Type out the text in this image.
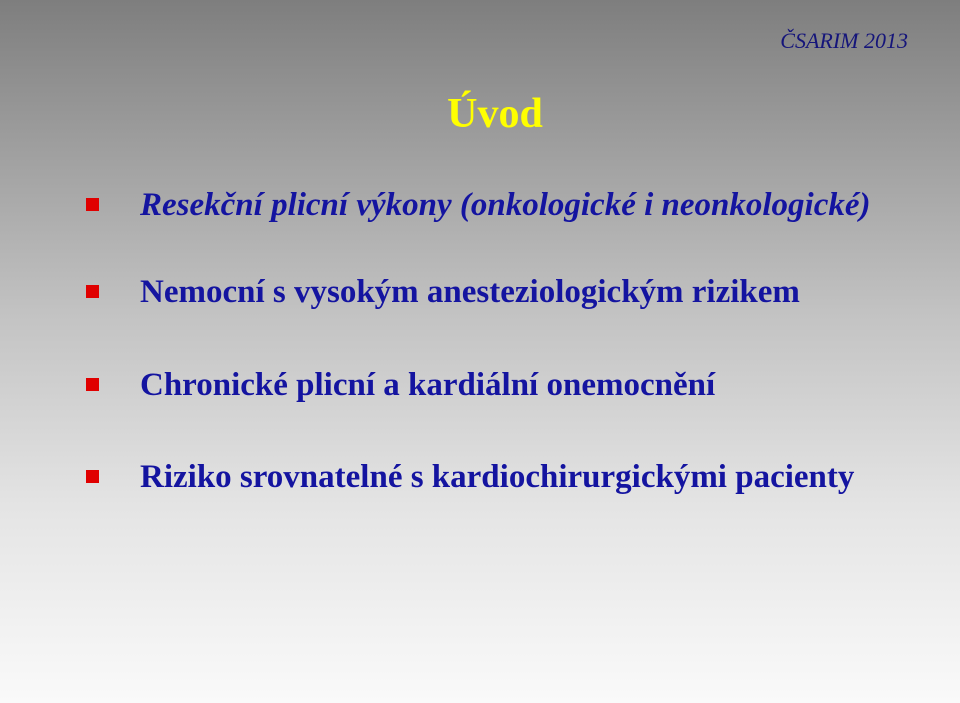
ČSARIM 2013
Úvod
Resekční plicní výkony (onkologické i neonkologické)
Nemocní s vysokým anesteziologickým rizikem
Chronické plicní a kardiální onemocnění
Riziko srovnatelné s kardiochirurgickými pacienty
